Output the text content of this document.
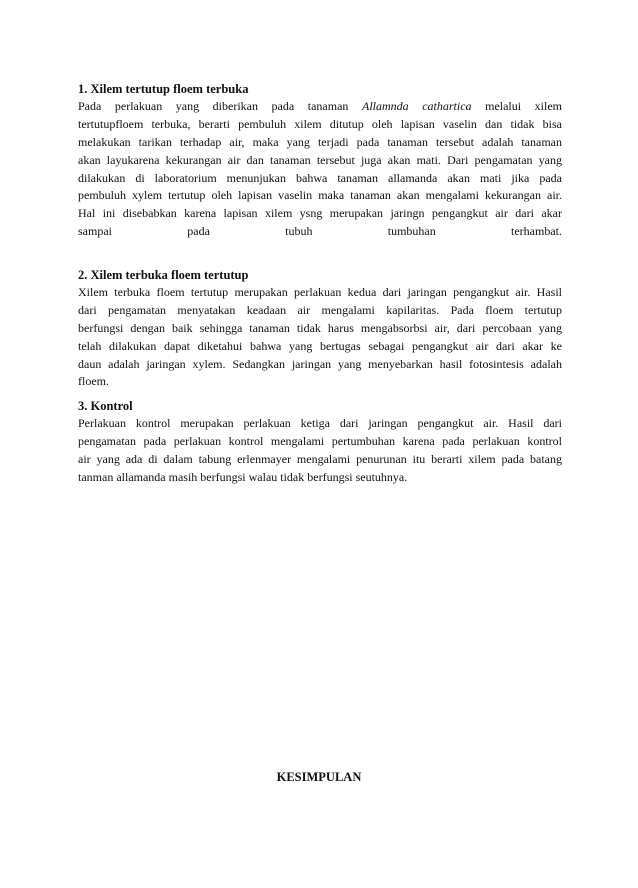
1. Xilem tertutup floem terbuka
Pada perlakuan yang diberikan pada tanaman Allamnda cathartica melalui xilem
tertutupfloem terbuka, berarti pembuluh xilem ditutup oleh lapisan vaselin dan tidak bisa
melakukan tarikan terhadap air, maka yang terjadi pada tanaman tersebut adalah tanaman
akan layukarena kekurangan air dan tanaman tersebut juga akan mati. Dari pengamatan yang
dilakukan di laboratorium menunjukan bahwa tanaman allamanda akan mati jika pada
pembuluh xylem tertutup oleh lapisan vaselin maka tanaman akan mengalami kekurangan air.
Hal ini disebabkan karena lapisan xilem ysng merupakan jaringn pengangkut air dari akar
sampai pada tubuh tumbuhan terhambat.
2. Xilem terbuka floem tertutup
Xilem terbuka floem tertutup merupakan perlakuan kedua dari jaringan pengangkut air. Hasil
dari pengamatan menyatakan keadaan air mengalami kapilaritas. Pada floem tertutup
berfungsi dengan baik sehingga tanaman tidak harus mengabsorbsi air, dari percobaan yang
telah dilakukan dapat diketahui bahwa yang bertugas sebagai pengangkut air dari akar ke
daun adalah jaringan xylem. Sedangkan jaringan yang menyebarkan hasil fotosintesis adalah
floem.
3. Kontrol
Perlakuan kontrol merupakan perlakuan ketiga dari jaringan pengangkut air. Hasil dari
pengamatan pada perlakuan kontrol mengalami pertumbuhan karena pada perlakuan kontrol
air yang ada di dalam tabung erlenmayer mengalami penurunan itu berarti xilem pada batang
tanman allamanda masih berfungsi walau tidak berfungsi seutuhnya.
KESIMPULAN
